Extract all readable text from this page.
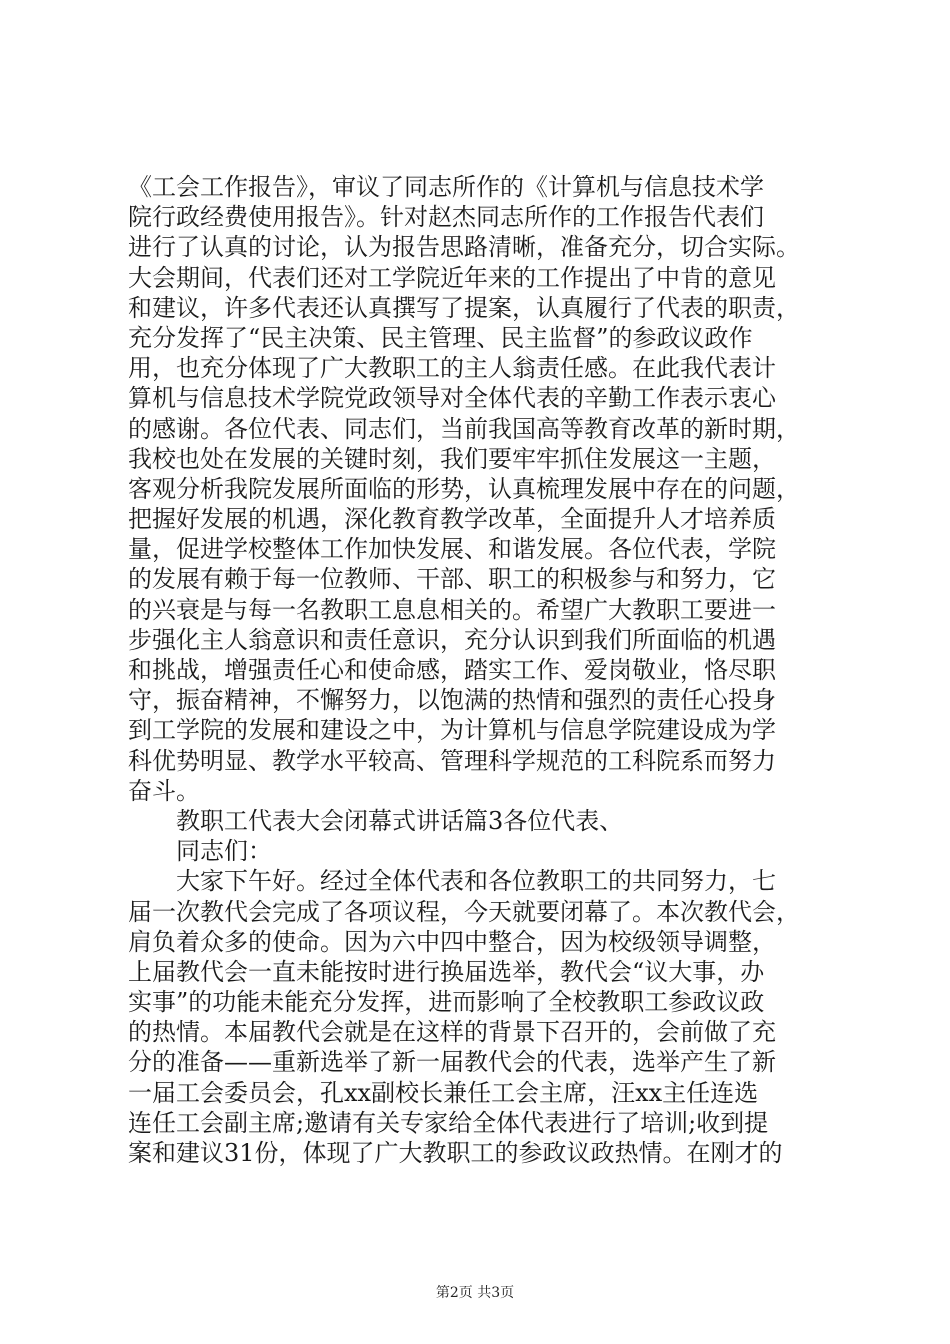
《工会工作报告》，审议了同志所作的《计算机与信息技术学
院行政经费使用报告》。针对赵杰同志所作的工作报告代表们
进行了认真的讨论，认为报告思路清晰，准备充分，切合实际。
大会期间，代表们还对工学院近年来的工作提出了中肯的意见
和建议，许多代表还认真撰写了提案，认真履行了代表的职责，
充分发挥了“民主决策、民主管理、民主监督”的参政议政作
用，也充分体现了广大教职工的主人翁责任感。在此我代表计
算机与信息技术学院党政领导对全体代表的辛勤工作表示衷心
的感谢。各位代表、同志们，当前我国高等教育改革的新时期，
我校也处在发展的关键时刻，我们要牢牢抓住发展这一主题，
客观分析我院发展所面临的形势，认真梳理发展中存在的问题，
把握好发展的机遇，深化教育教学改革，全面提升人才培养质
量，促进学校整体工作加快发展、和谐发展。各位代表，学院
的发展有赖于每一位教师、干部、职工的积极参与和努力，它
的兴衰是与每一名教职工息息相关的。希望广大教职工要进一
步强化主人翁意识和责任意识，充分认识到我们所面临的机遇
和挑战，增强责任心和使命感，踏实工作、爱岗敬业，恪尽职
守，振奋精神，不懈努力，以饱满的热情和强烈的责任心投身
到工学院的发展和建设之中，为计算机与信息学院建设成为学
科优势明显、教学水平较高、管理科学规范的工科院系而努力
奋斗。
教职工代表大会闭幕式讲话篇3各位代表、
同志们：
大家下午好。经过全体代表和各位教职工的共同努力，七
届一次教代会完成了各项议程，今天就要闭幕了。本次教代会，
肩负着众多的使命。因为六中四中整合，因为校级领导调整，
上届教代会一直未能按时进行换届选举，教代会“议大事，办
实事”的功能未能充分发挥，进而影响了全校教职工参政议政
的热情。本届教代会就是在这样的背景下召开的，会前做了充
分的准备——重新选举了新一届教代会的代表，选举产生了新
一届工会委员会，孔xx副校长兼任工会主席，汪xx主任连选
连任工会副主席;邀请有关专家给全体代表进行了培训;收到提
案和建议31份，体现了广大教职工的参政议政热情。在刚才的
第2页 共3页
